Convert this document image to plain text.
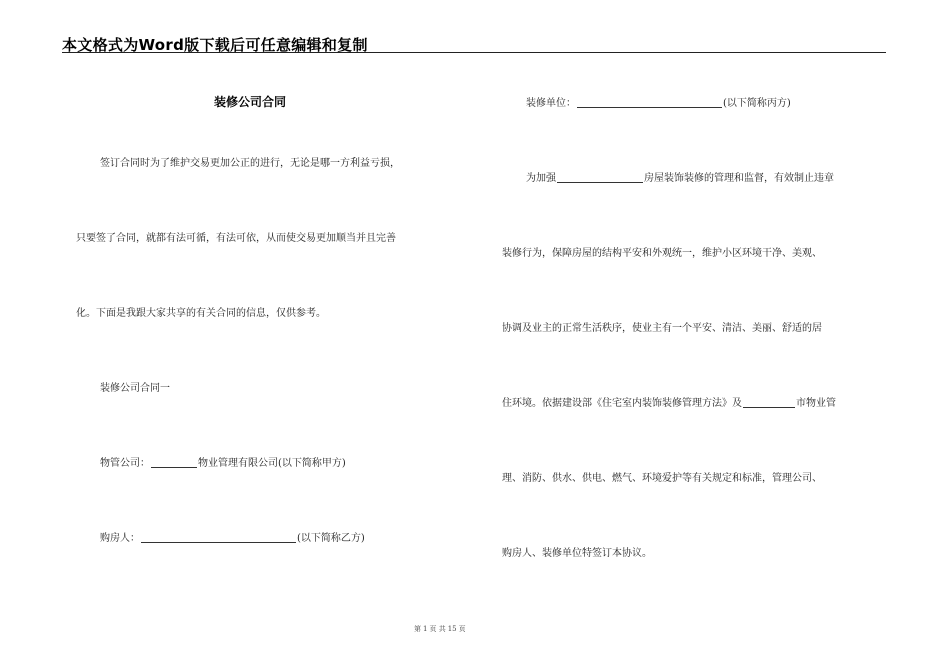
本文格式为Word版下载后可任意编辑和复制
装修公司合同
签订合同时为了维护交易更加公正的进行，无论是哪一方利益亏损，
只要签了合同，就都有法可循，有法可依，从而使交易更加顺当并且完善
化。下面是我跟大家共享的有关合同的信息，仅供参考。
装修公司合同一
物管公司：	物业管理有限公司(以下简称甲方)
购房人：	(以下简称乙方)
装修单位：	(以下简称丙方)
为加强	房屋装饰装修的管理和监督，有效制止违章
装修行为，保障房屋的结构平安和外观统一，维护小区环境干净、美观、
协调及业主的正常生活秩序，使业主有一个平安、清洁、美丽、舒适的居
住环境。依据建设部《住宅室内装饰装修管理方法》及	市物业管
理、消防、供水、供电、燃气、环境爱护等有关规定和标准，管理公司、
购房人、装修单位特签订本协议。
第 1 页 共 15 页
